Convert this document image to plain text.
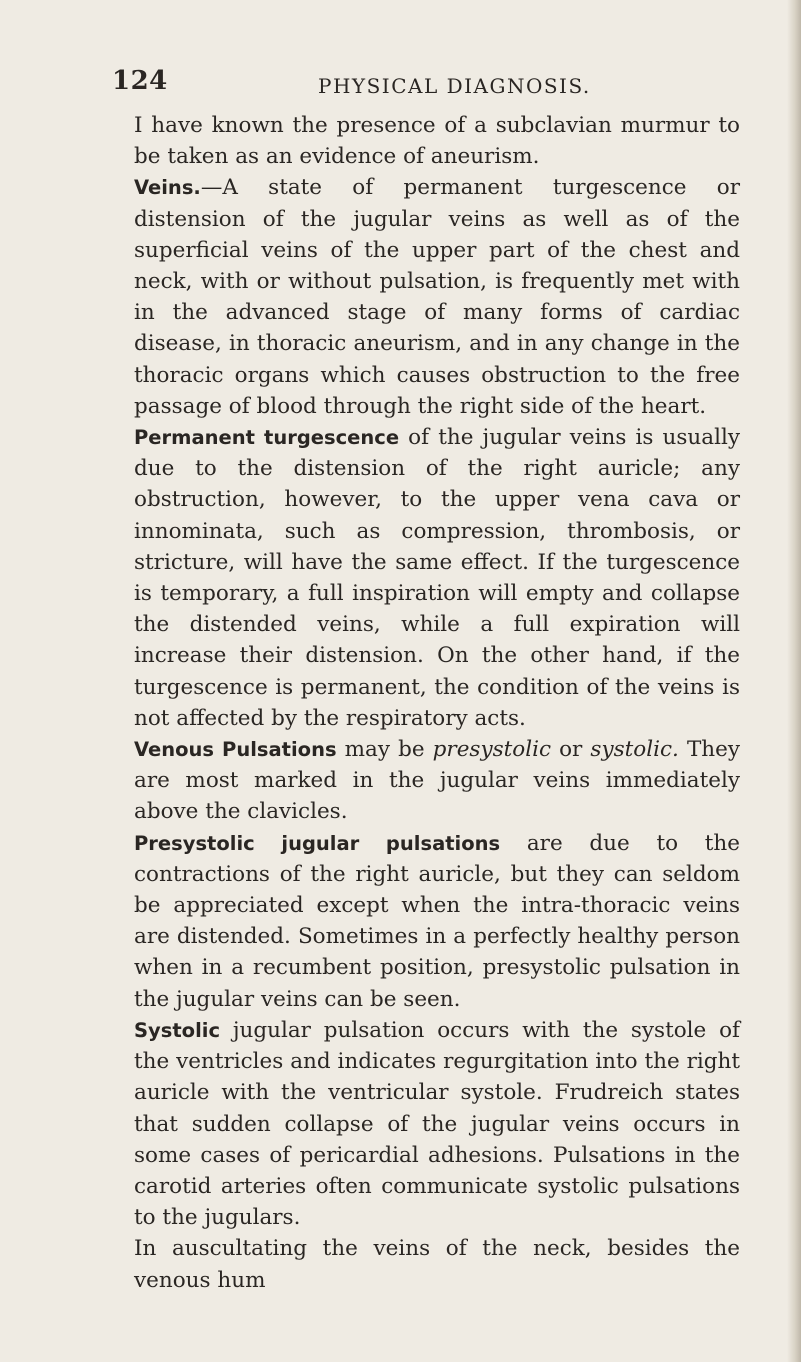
124	PHYSICAL DIAGNOSIS.

I have known the presence of a subclavian murmur to be taken as an evidence of aneurism.

Veins.—A state of permanent turgescence or distension of the jugular veins as well as of the superficial veins of the upper part of the chest and neck, with or without pulsation, is frequently met with in the advanced stage of many forms of cardiac disease, in thoracic aneurism, and in any change in the thoracic organs which causes obstruction to the free passage of blood through the right side of the heart.

Permanent turgescence of the jugular veins is usually due to the distension of the right auricle; any obstruction, however, to the upper vena cava or innominata, such as compression, thrombosis, or stricture, will have the same effect. If the turgescence is temporary, a full inspiration will empty and collapse the distended veins, while a full expiration will increase their distension. On the other hand, if the turgescence is permanent, the condition of the veins is not affected by the respiratory acts.

Venous Pulsations may be presystolic or systolic. They are most marked in the jugular veins immediately above the clavicles.

Presystolic jugular pulsations are due to the contractions of the right auricle, but they can seldom be appreciated except when the intra-thoracic veins are distended. Sometimes in a perfectly healthy person when in a recumbent position, presystolic pulsation in the jugular veins can be seen.

Systolic jugular pulsation occurs with the systole of the ventricles and indicates regurgitation into the right auricle with the ventricular systole. Frudreich states that sudden collapse of the jugular veins occurs in some cases of pericardial adhesions. Pulsations in the carotid arteries often communicate systolic pulsations to the jugulars.

In auscultating the veins of the neck, besides the venous hum
